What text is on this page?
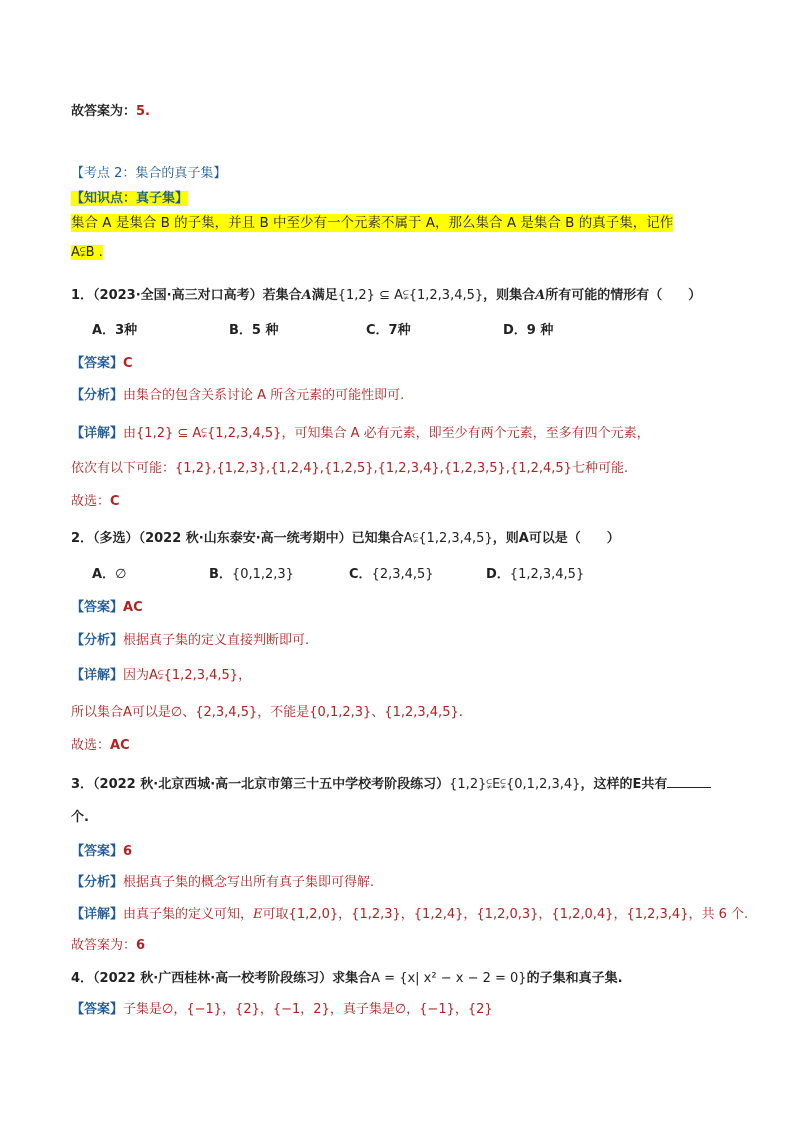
故答案为：5.
【考点 2：集合的真子集】
【知识点：真子集】
集合 A 是集合 B 的子集，并且 B 中至少有一个元素不属于 A，那么集合 A 是集合 B 的真子集，记作
A⫋B .
1．（2023·全国·高三对口高考）若集合A满足{1,2} ⊆ A⫋{1,2,3,4,5}，则集合A所有可能的情形有（　　）
A．3种	B．5 种	C．7种	D．9 种
【答案】C
【分析】由集合的包含关系讨论 A 所含元素的可能性即可.
【详解】由{1,2} ⊆ A⫋{1,2,3,4,5}，可知集合 A 必有元素，即至少有两个元素，至多有四个元素，
依次有以下可能：{1,2},{1,2,3},{1,2,4},{1,2,5},{1,2,3,4},{1,2,3,5},{1,2,4,5}七种可能.
故选：C
2．（多选）（2022 秋·山东泰安·高一统考期中）已知集合A⫋{1,2,3,4,5}，则A可以是（　　）
A．∅	B．{0,1,2,3}	C．{2,3,4,5}	D．{1,2,3,4,5}
【答案】AC
【分析】根据真子集的定义直接判断即可.
【详解】因为A⫋{1,2,3,4,5}，
所以集合A可以是∅、{2,3,4,5}，不能是{0,1,2,3}、{1,2,3,4,5}.
故选：AC
3．（2022 秋·北京西城·高一北京市第三十五中学校考阶段练习）{1,2}⫋E⫋{0,1,2,3,4}，这样的E共有
个.
【答案】6
【分析】根据真子集的概念写出所有真子集即可得解.
【详解】由真子集的定义可知，E可取{1,2,0}，{1,2,3}，{1,2,4}，{1,2,0,3}，{1,2,0,4}，{1,2,3,4}，共 6 个.
故答案为：6
4．（2022 秋·广西桂林·高一校考阶段练习）求集合A = {x| x² − x − 2 = 0}的子集和真子集.
【答案】子集是∅，{−1}，{2}，{−1，2}，真子集是∅，{−1}，{2}
